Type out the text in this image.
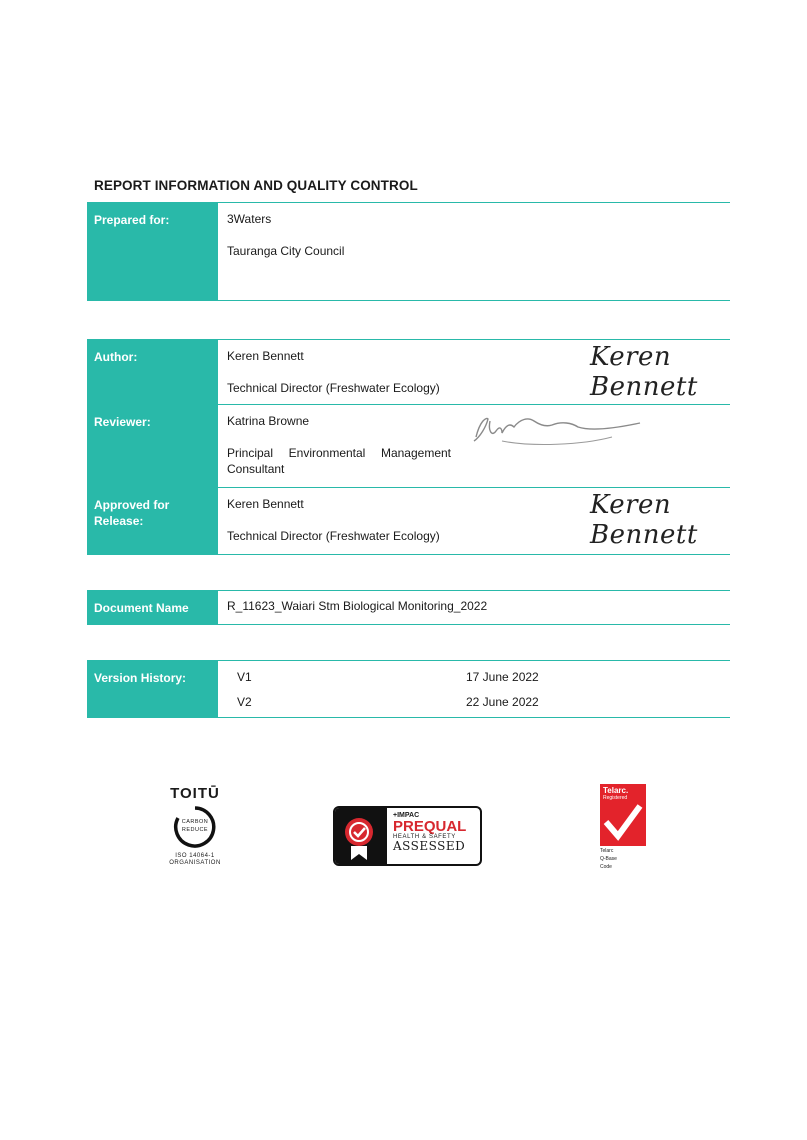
REPORT INFORMATION AND QUALITY CONTROL
Prepared for:	3Waters
Tauranga City Council
Author:	Keren Bennett
Technical Director (Freshwater Ecology)
Keren Bennett
Reviewer:	Katrina Browne
Principal Environmental Management Consultant
Approved for Release:
Keren Bennett
Technical Director (Freshwater Ecology)
Keren Bennett
Document Name	R_11623_Waiari Stm Biological Monitoring_2022
Version History:	V1	17 June 2022
V2	22 June 2022
TOITŪ
CARBON
REDUCE
ISO 14064-1
ORGANISATION
+IMPAC
PREQUAL
HEALTH & SAFETY
ASSESSED
Telarc.
Registered
Telarc
Q-Base
Code
